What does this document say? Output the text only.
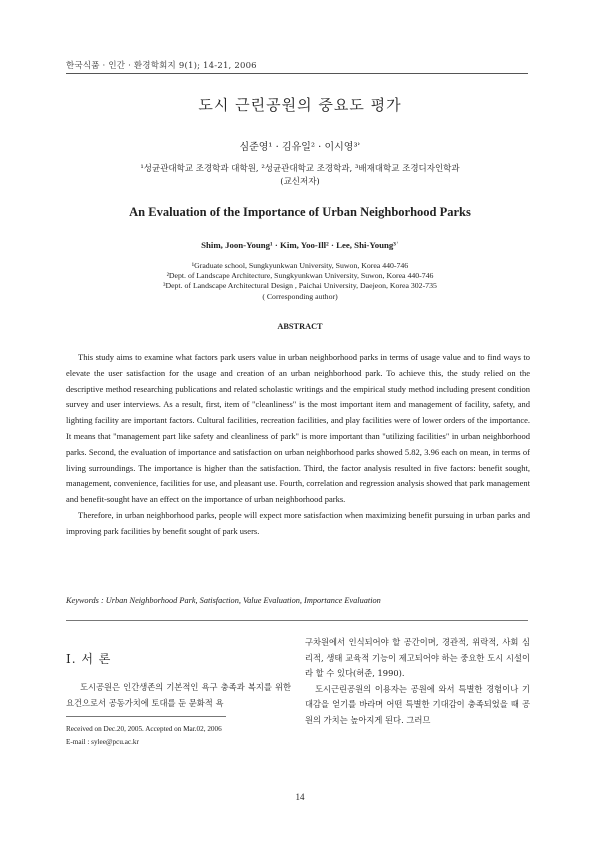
한국식품 · 인간 · 환경학회지 9(1); 14-21, 2006
도시 근린공원의 중요도 평가
심준영¹ · 김유일² · 이시영³ʾ
¹성균관대학교 조경학과 대학원, ²성균관대학교 조경학과, ³배재대학교 조경디자인학과
(교신저자)
An Evaluation of the Importance of Urban Neighborhood Parks
Shim, Joon-Young¹ · Kim, Yoo-Ill² · Lee, Shi-Young³ʾ
¹Graduate school, Sungkyunkwan University, Suwon, Korea 440-746
²Dept. of Landscape Architecture, Sungkyunkwan University, Suwon, Korea 440-746
³Dept. of Landscape Architectural Design , Paichai University, Daejeon, Korea 302-735
( Corresponding author)
ABSTRACT

This study aims to examine what factors park users value in urban neighborhood parks in terms of usage value and to find ways to elevate the user satisfaction for the usage and creation of an urban neighborhood park. To achieve this, the study relied on the descriptive method researching publications and related scholastic writings and the empirical study method including present condition survey and user interviews. As a result, first, item of "cleanliness" is the most important item and management of facility, safety, and lighting facility are important factors. Cultural facilities, recreation facilities, and play facilities were of lower orders of the importance. It means that "management part like safety and cleanliness of park" is more important than "utilizing facilities" in urban neighborhood parks. Second, the evaluation of importance and satisfaction on urban neighborhood parks showed 5.82, 3.96 each on mean, in terms of living surroundings. The importance is higher than the satisfaction. Third, the factor analysis resulted in five factors: benefit sought, management, convenience, facilities for use, and pleasant use. Fourth, correlation and regression analysis showed that park management and benefit-sought have an effect on the importance of urban neighborhood parks.

Therefore, in urban neighborhood parks, people will expect more satisfaction when maximizing benefit pursuing in urban parks and improving park facilities by benefit sought of park users.

Keywords : Urban Neighborhood Park, Satisfaction, Value Evaluation, Importance Evaluation
Ⅰ. 서 론

도시공원은 인간생존의 기본적인 욕구 충족과 복지를 위한 요건으로서 공동가치에 토대를 둔 문화적 욕

구차원에서 인식되어야 할 공간이며, 경관적, 위락적, 사회 심리적, 생태 교육적 기능이 제고되어야 하는 중요한 도시 시설이라 할 수 있다(허준, 1990).

도시근린공원의 이용자는 공원에 와서 특별한 경험이나 기대감을 얻기를 바라며 어떤 특별한 기대감이 충족되었을 때 공원의 가치는 높아지게 된다. 그러므

Received on Dec.20, 2005. Accepted on Mar.02, 2006
E-mail : sylee@pcu.ac.kr
14
